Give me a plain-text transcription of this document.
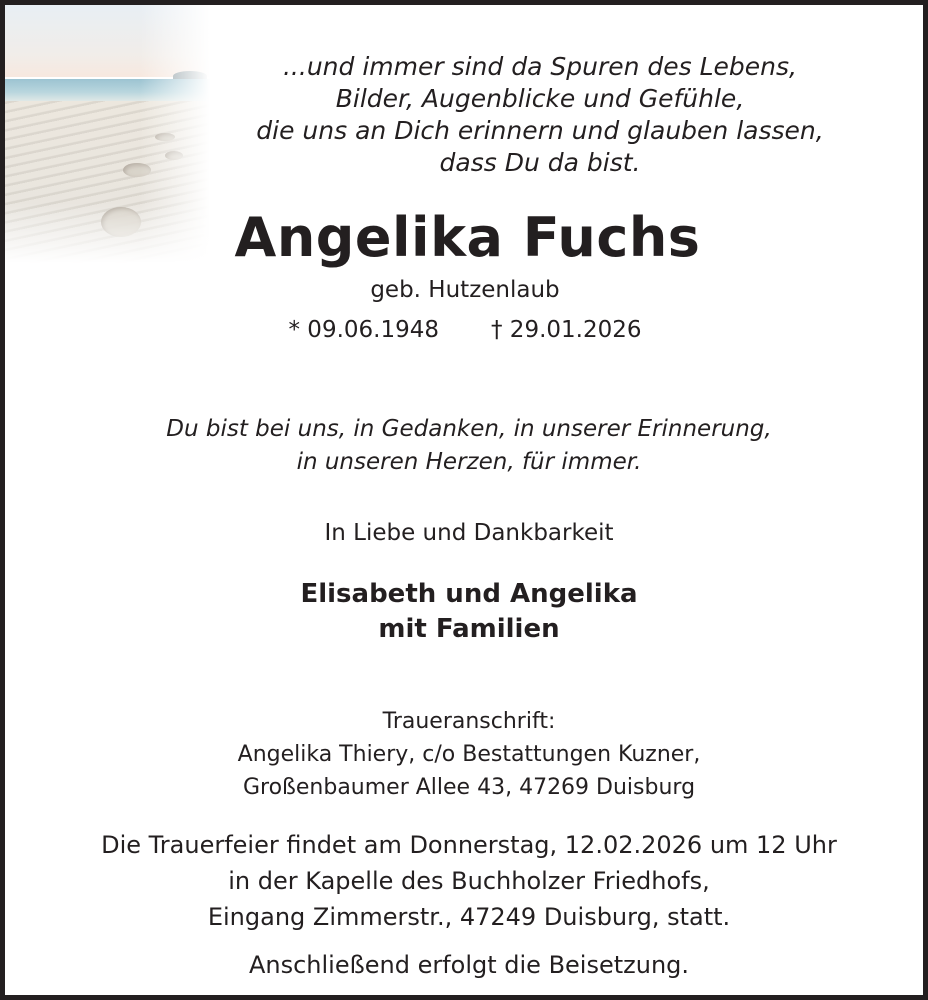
...und immer sind da Spuren des Lebens,
Bilder, Augenblicke und Gefühle,
die uns an Dich erinnern und glauben lassen,
dass Du da bist.
Angelika Fuchs
geb. Hutzenlaub
* 09.06.1948 † 29.01.2026
Du bist bei uns, in Gedanken, in unserer Erinnerung,
in unseren Herzen, für immer.
In Liebe und Dankbarkeit
Elisabeth und Angelika
mit Familien
Traueranschrift:
Angelika Thiery, c/o Bestattungen Kuzner,
Großenbaumer Allee 43, 47269 Duisburg
Die Trauerfeier findet am Donnerstag, 12.02.2026 um 12 Uhr
in der Kapelle des Buchholzer Friedhofs,
Eingang Zimmerstr., 47249 Duisburg, statt.
Anschließend erfolgt die Beisetzung.
